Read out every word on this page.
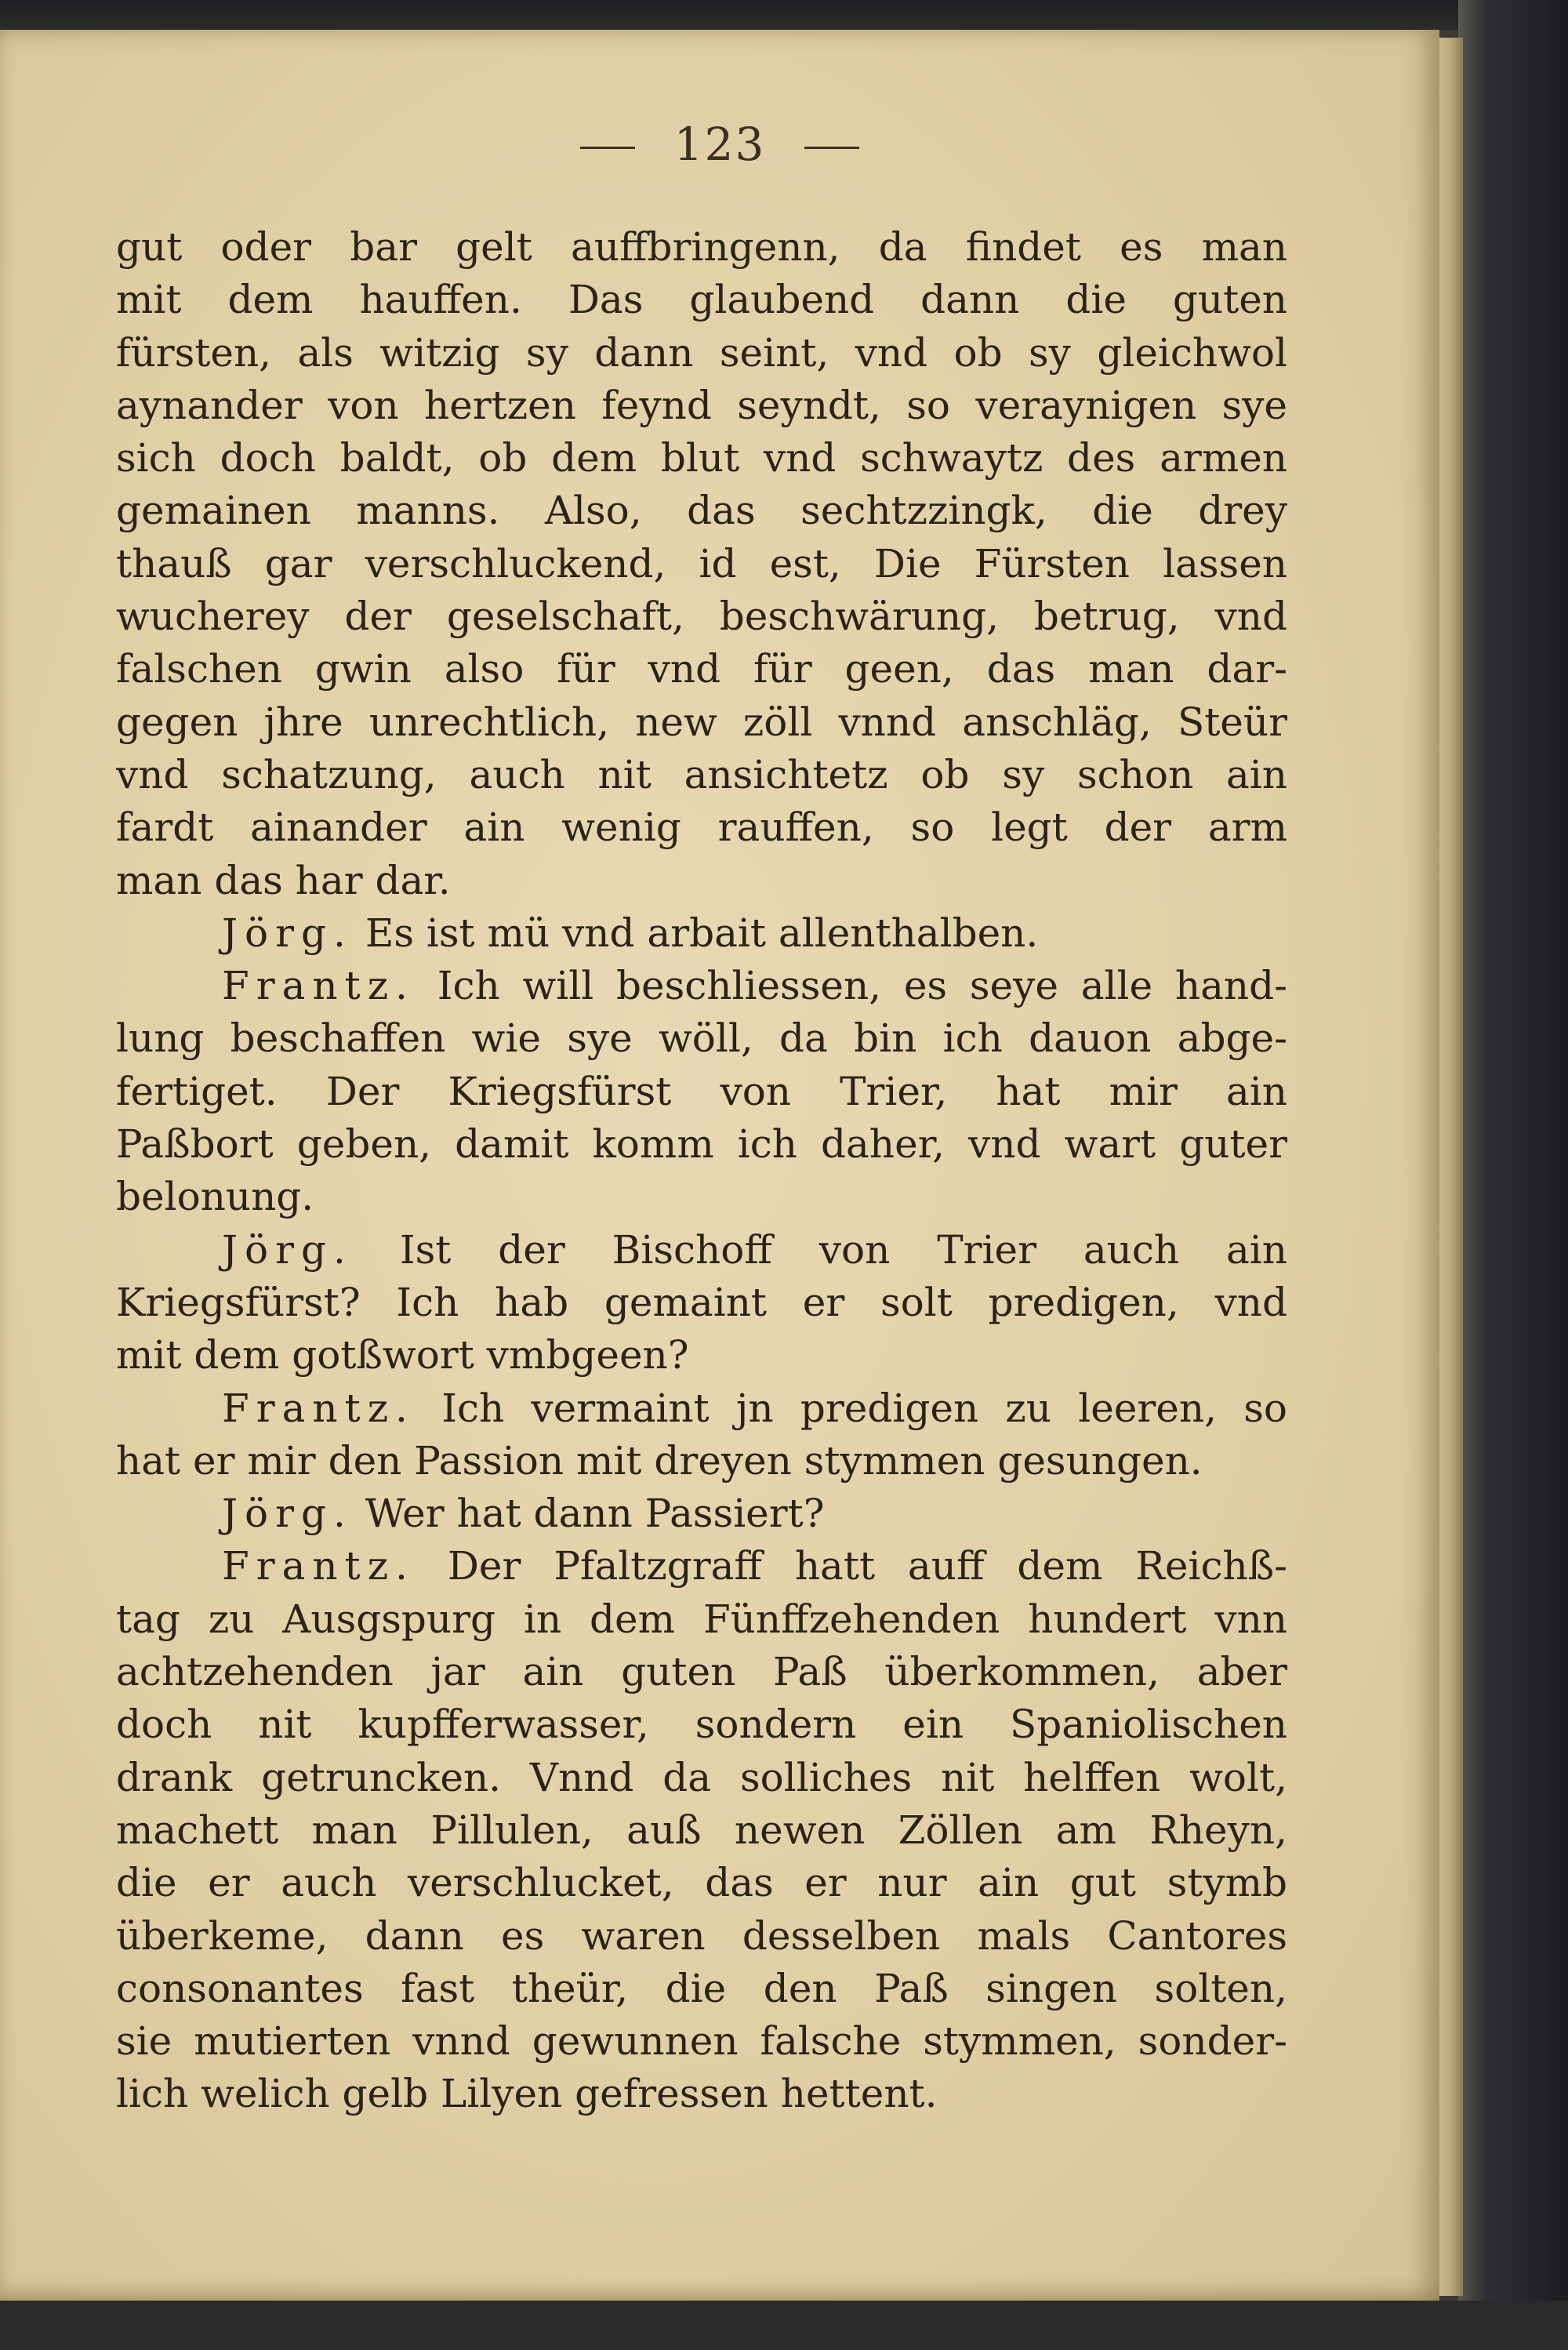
123
gut oder bar gelt auffbringenn, da findet es man
mit dem hauffen. Das glaubend dann die guten
fürsten, als witzig sy dann seint, vnd ob sy gleichwol
aynander von hertzen feynd seyndt, so veraynigen sye
sich doch baldt, ob dem blut vnd schwaytz des armen
gemainen manns. Also, das sechtzzingk, die drey
thauß gar verschluckend, id est, Die Fürsten lassen
wucherey der geselschaft, beschwärung, betrug, vnd
falschen gwin also für vnd für geen, das man dar-
gegen jhre unrechtlich, new zöll vnnd anschläg, Steür
vnd schatzung, auch nit ansichtetz ob sy schon ain
fardt ainander ain wenig rauffen, so legt der arm
man das har dar.
Jörg. Es ist mü vnd arbait allenthalben.
Frantz. Ich will beschliessen, es seye alle hand-
lung beschaffen wie sye wöll, da bin ich dauon abge-
fertiget. Der Kriegsfürst von Trier, hat mir ain
Paßbort geben, damit komm ich daher, vnd wart guter
belonung.
Jörg. Ist der Bischoff von Trier auch ain
Kriegsfürst? Ich hab gemaint er solt predigen, vnd
mit dem gotßwort vmbgeen?
Frantz. Ich vermaint jn predigen zu leeren, so
hat er mir den Passion mit dreyen stymmen gesungen.
Jörg. Wer hat dann Passiert?
Frantz. Der Pfaltzgraff hatt auff dem Reichß-
tag zu Ausgspurg in dem Fünffzehenden hundert vnn
achtzehenden jar ain guten Paß überkommen, aber
doch nit kupfferwasser, sondern ein Spaniolischen
drank getruncken. Vnnd da solliches nit helffen wolt,
machett man Pillulen, auß newen Zöllen am Rheyn,
die er auch verschlucket, das er nur ain gut stymb
überkeme, dann es waren desselben mals Cantores
consonantes fast theür, die den Paß singen solten,
sie mutierten vnnd gewunnen falsche stymmen, sonder-
lich welich gelb Lilyen gefressen hettent.
